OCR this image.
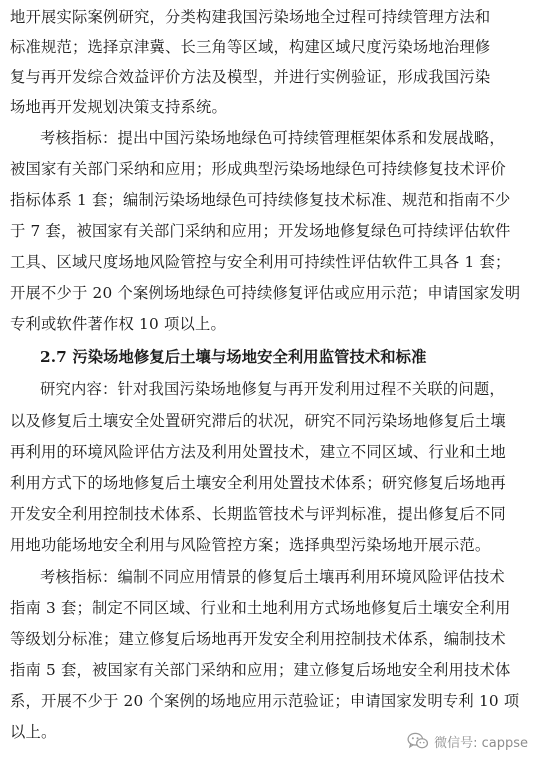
地开展实际案例研究，分类构建我国污染场地全过程可持续管理方法和
标准规范；选择京津冀、长三角等区域，构建区域尺度污染场地治理修
复与再开发综合效益评价方法及模型，并进行实例验证，形成我国污染
场地再开发规划决策支持系统。
考核指标：提出中国污染场地绿色可持续管理框架体系和发展战略，
被国家有关部门采纳和应用；形成典型污染场地绿色可持续修复技术评价
指标体系 1 套；编制污染场地绿色可持续修复技术标准、规范和指南不少
于 7 套，被国家有关部门采纳和应用；开发场地修复绿色可持续评估软件
工具、区域尺度场地风险管控与安全利用可持续性评估软件工具各 1 套；
开展不少于 20 个案例场地绿色可持续修复评估或应用示范；申请国家发明
专利或软件著作权 10 项以上。
2.7 污染场地修复后土壤与场地安全利用监管技术和标准
研究内容：针对我国污染场地修复与再开发利用过程不关联的问题，
以及修复后土壤安全处置研究滞后的状况，研究不同污染场地修复后土壤
再利用的环境风险评估方法及利用处置技术，建立不同区域、行业和土地
利用方式下的场地修复后土壤安全利用处置技术体系；研究修复后场地再
开发安全利用控制技术体系、长期监管技术与评判标准，提出修复后不同
用地功能场地安全利用与风险管控方案；选择典型污染场地开展示范。
考核指标：编制不同应用情景的修复后土壤再利用环境风险评估技术
指南 3 套；制定不同区域、行业和土地利用方式场地修复后土壤安全利用
等级划分标准；建立修复后场地再开发安全利用控制技术体系，编制技术
指南 5 套，被国家有关部门采纳和应用；建立修复后场地安全利用技术体
系，开展不少于 20 个案例的场地应用示范验证；申请国家发明专利 10 项
以上。
微信号: cappse
